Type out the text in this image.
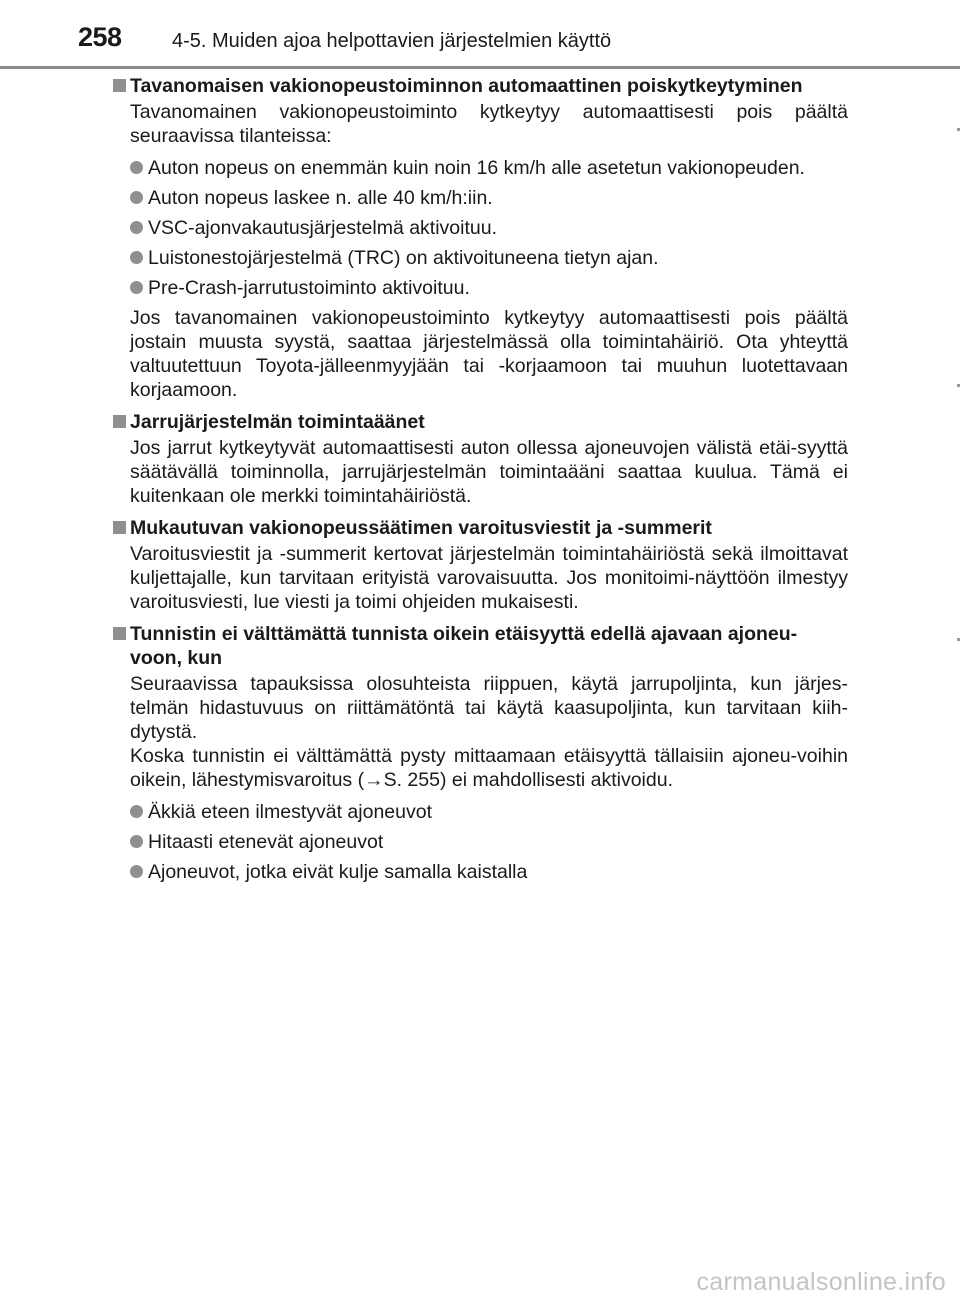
258	4-5. Muiden ajoa helpottavien järjestelmien käyttö
Tavanomaisen vakionopeustoiminnon automaattinen poiskytkeytyminen

Tavanomainen vakionopeustoiminto kytkeytyy automaattisesti pois päältä seuraavissa tilanteissa:

Auton nopeus on enemmän kuin noin 16 km/h alle asetetun vakionopeuden.
Auton nopeus laskee n. alle 40 km/h:iin.
VSC-ajonvakautusjärjestelmä aktivoituu.
Luistonestojärjestelmä (TRC) on aktivoituneena tietyn ajan.
Pre-Crash-jarrutustoiminto aktivoituu.

Jos tavanomainen vakionopeustoiminto kytkeytyy automaattisesti pois päältä jostain muusta syystä, saattaa järjestelmässä olla toimintahäiriö. Ota yhteyttä valtuutettuun Toyota-jälleenmyyjään tai -korjaamoon tai muuhun luotettavaan korjaamoon.

Jarrujärjestelmän toimintaäänet

Jos jarrut kytkeytyvät automaattisesti auton ollessa ajoneuvojen välistä etäi-syyttä säätävällä toiminnolla, jarrujärjestelmän toimintaääni saattaa kuulua. Tämä ei kuitenkaan ole merkki toimintahäiriöstä.

Mukautuvan vakionopeussäätimen varoitusviestit ja -summerit

Varoitusviestit ja -summerit kertovat järjestelmän toimintahäiriöstä sekä ilmoittavat kuljettajalle, kun tarvitaan erityistä varovaisuutta. Jos monitoimi-näyttöön ilmestyy varoitusviesti, lue viesti ja toimi ohjeiden mukaisesti.

Tunnistin ei välttämättä tunnista oikein etäisyyttä edellä ajavaan ajoneu-voon, kun

Seuraavissa tapauksissa olosuhteista riippuen, käytä jarrupoljinta, kun järjes-telmän hidastuvuus on riittämätöntä tai käytä kaasupoljinta, kun tarvitaan kiih-dytystä.

Koska tunnistin ei välttämättä pysty mittaamaan etäisyyttä tällaisiin ajoneu-voihin oikein, lähestymisvaroitus (→S. 255) ei mahdollisesti aktivoidu.

Äkkiä eteen ilmestyvät ajoneuvot
Hitaasti etenevät ajoneuvot
Ajoneuvot, jotka eivät kulje samalla kaistalla
carmanualsonline.info
